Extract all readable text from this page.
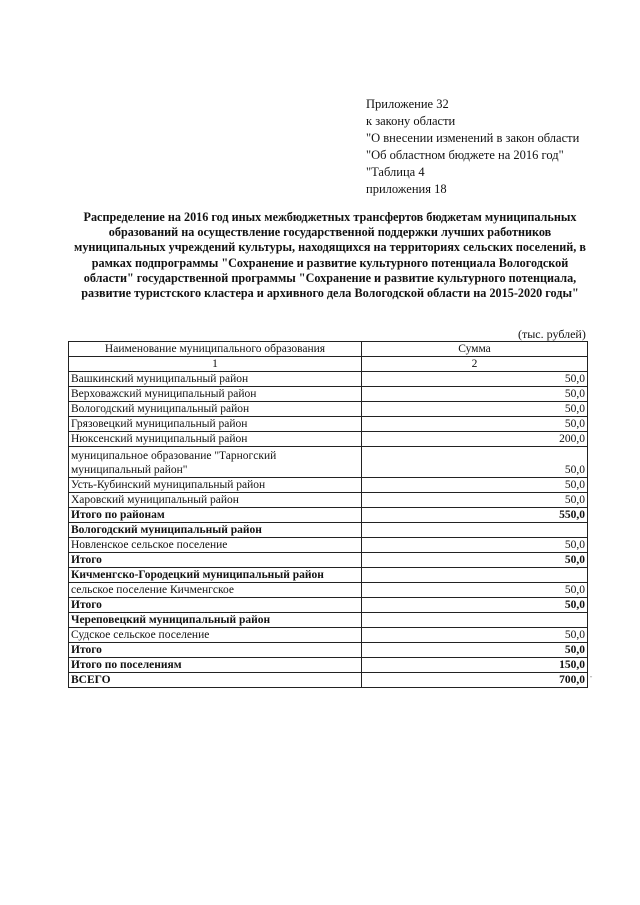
Приложение 32
к закону области
"О внесении изменений в закон области
"Об областном бюджете на 2016 год"
"Таблица 4
приложения 18
Распределение на 2016 год иных межбюджетных трансфертов бюджетам муниципальных образований на осуществление государственной поддержки лучших работников муниципальных учреждений культуры, находящихся на территориях сельских поселений, в рамках подпрограммы "Сохранение и развитие культурного потенциала Вологодской области" государственной программы "Сохранение и развитие культурного потенциала, развитие туристского кластера и архивного дела Вологодской области на 2015-2020 годы"
(тыс. рублей)
Наименование муниципального образования	Сумма
1	2
Вашкинский муниципальный район	50,0
Верховажский муниципальный район	50,0
Вологодский муниципальный район	50,0
Грязовецкий муниципальный район	50,0
Нюксенский муниципальный район	200,0
муниципальное образование "Тарногский муниципальный район"	50,0
Усть-Кубинский муниципальный район	50,0
Харовский муниципальный район	50,0
Итого по районам	550,0
Вологодский муниципальный район	
Новленское сельское поселение	50,0
Итого	50,0
Кичменгско-Городецкий муниципальный район	
сельское поселение Кичменгское	50,0
Итого	50,0
Череповецкий муниципальный район	
Судское сельское поселение	50,0
Итого	50,0
Итого по поселениям	150,0
ВСЕГО	700,0 "
